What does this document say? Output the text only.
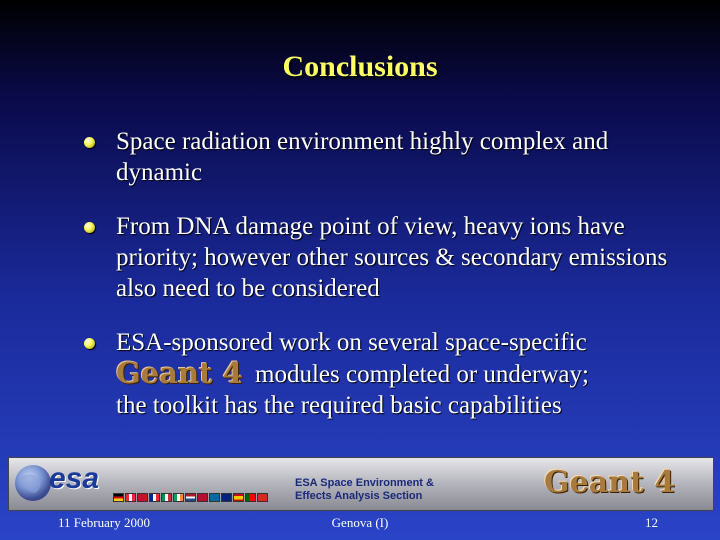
Conclusions
Space radiation environment highly complex and dynamic
From DNA damage point of view, heavy ions have priority; however other sources & secondary emissions also need to be considered
ESA-sponsored work on several space-specific
Geant 4 modules completed or underway;
the toolkit has the required basic capabilities
esa	ESA Space Environment &
Effects Analysis Section	Geant 4
11 February 2000	Genova (I)	12
